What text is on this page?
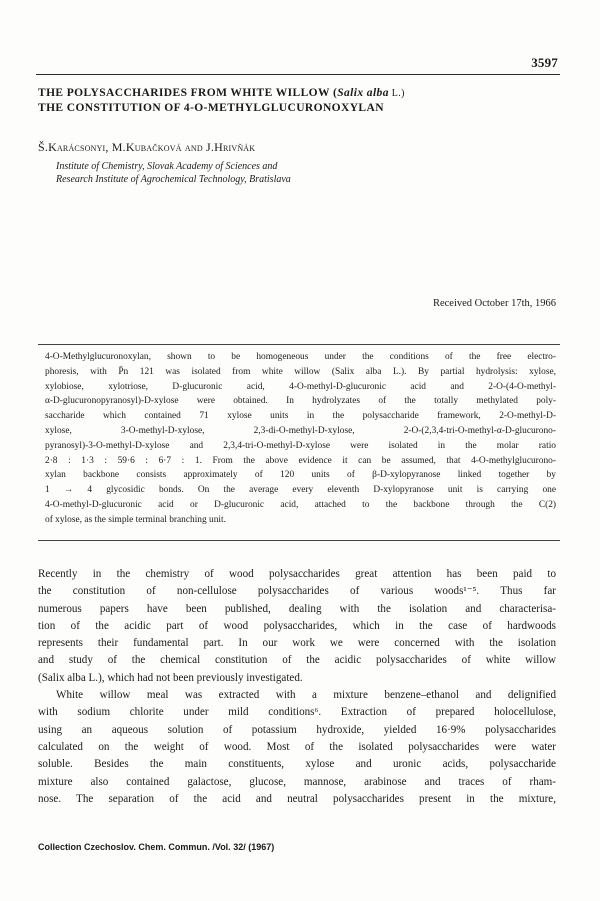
3597
THE POLYSACCHARIDES FROM WHITE WILLOW (Salix alba L.)
THE CONSTITUTION OF 4-O-METHYLGLUCURONOXYLAN
Š.Karácsonyi, M.Kubačková and J.Hrivňák
Institute of Chemistry, Slovak Academy of Sciences and
Research Institute of Agrochemical Technology, Bratislava
Received October 17th, 1966
4-O-Methylglucuronoxylan, shown to be homogeneous under the conditions of the free electro-
phoresis, with P̄n 121 was isolated from white willow (Salix alba L.). By partial hydrolysis: xylose,
xylobiose, xylotriose, D-glucuronic acid, 4-O-methyl-D-glucuronic acid and 2-O-(4-O-methyl-
α-D-glucuronopyranosyl)-D-xylose were obtained. In hydrolyzates of the totally methylated poly-
saccharide which contained 71 xylose units in the polysaccharide framework, 2-O-methyl-D-
xylose, 3-O-methyl-D-xylose, 2,3-di-O-methyl-D-xylose, 2-O-(2,3,4-tri-O-methyl-α-D-glucurono-
pyranosyl)-3-O-methyl-D-xylose and 2,3,4-tri-O-methyl-D-xylose were isolated in the molar ratio
2·8 : 1·3 : 59·6 : 6·7 : 1. From the above evidence it can be assumed, that 4-O-methylglucurono-
xylan backbone consists approximately of 120 units of β-D-xylopyranose linked together by
1 → 4 glycosidic bonds. On the average every eleventh D-xylopyranose unit is carrying one
4-O-methyl-D-glucuronic acid or D-glucuronic acid, attached to the backbone through the C(2)
of xylose, as the simple terminal branching unit.
Recently in the chemistry of wood polysaccharides great attention has been paid to
the constitution of non-cellulose polysaccharides of various woods¹⁻⁵. Thus far
numerous papers have been published, dealing with the isolation and characterisa-
tion of the acidic part of wood polysaccharides, which in the case of hardwoods
represents their fundamental part. In our work we were concerned with the isolation
and study of the chemical constitution of the acidic polysaccharides of white willow
(Salix alba L.), which had not been previously investigated.
White willow meal was extracted with a mixture benzene–ethanol and delignified
with sodium chlorite under mild conditions⁶. Extraction of prepared holocellulose,
using an aqueous solution of potassium hydroxide, yielded 16·9% polysaccharides
calculated on the weight of wood. Most of the isolated polysaccharides were water
soluble. Besides the main constituents, xylose and uronic acids, polysaccharide
mixture also contained galactose, glucose, mannose, arabinose and traces of rham-
nose. The separation of the acid and neutral polysaccharides present in the mixture,
Collection Czechoslov. Chem. Commun. /Vol. 32/ (1967)
